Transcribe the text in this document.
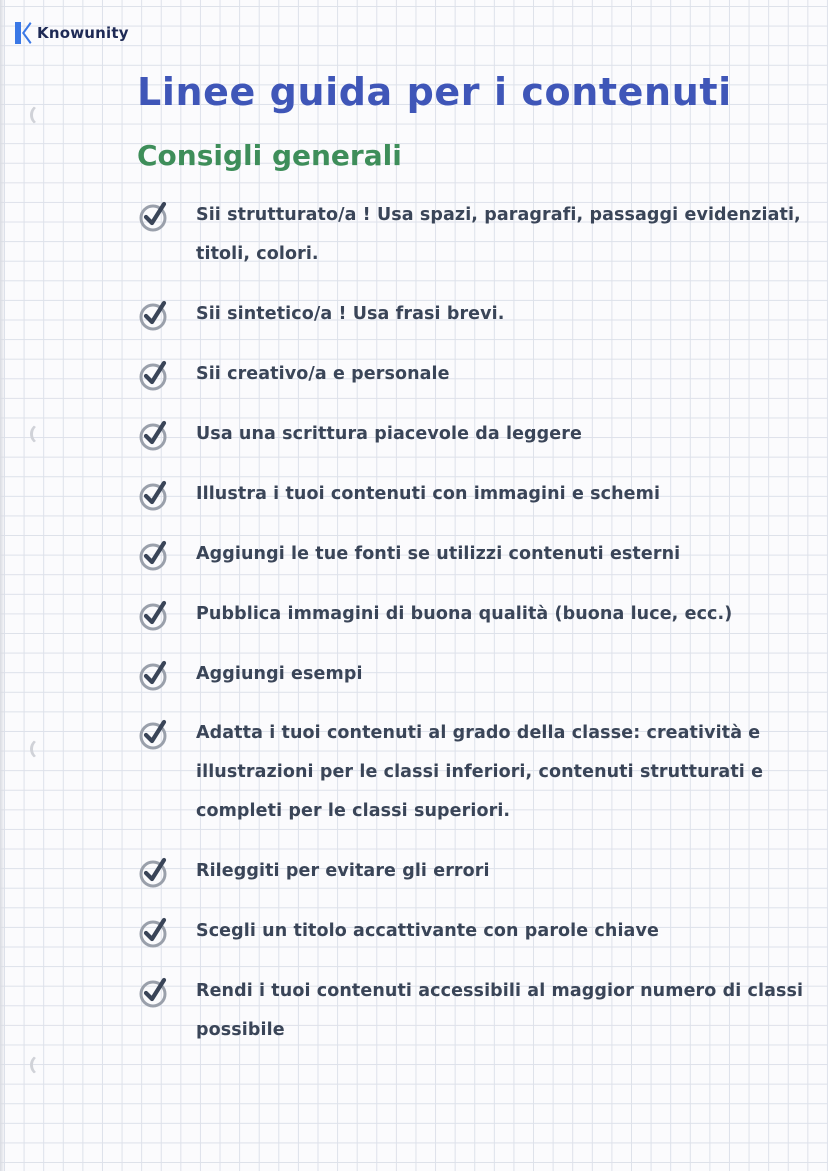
Knowunity
Linee guida per i contenuti
Consigli generali
Sii strutturato/a ! Usa spazi, paragrafi, passaggi evidenziati, titoli, colori.
Sii sintetico/a ! Usa frasi brevi.
Sii creativo/a e personale
Usa una scrittura piacevole da leggere
Illustra i tuoi contenuti con immagini e schemi
Aggiungi le tue fonti se utilizzi contenuti esterni
Pubblica immagini di buona qualità (buona luce, ecc.)
Aggiungi esempi
Adatta i tuoi contenuti al grado della classe: creatività e illustrazioni per le classi inferiori, contenuti strutturati e completi per le classi superiori.
Rileggiti per evitare gli errori
Scegli un titolo accattivante con parole chiave
Rendi i tuoi contenuti accessibili al maggior numero di classi possibile
